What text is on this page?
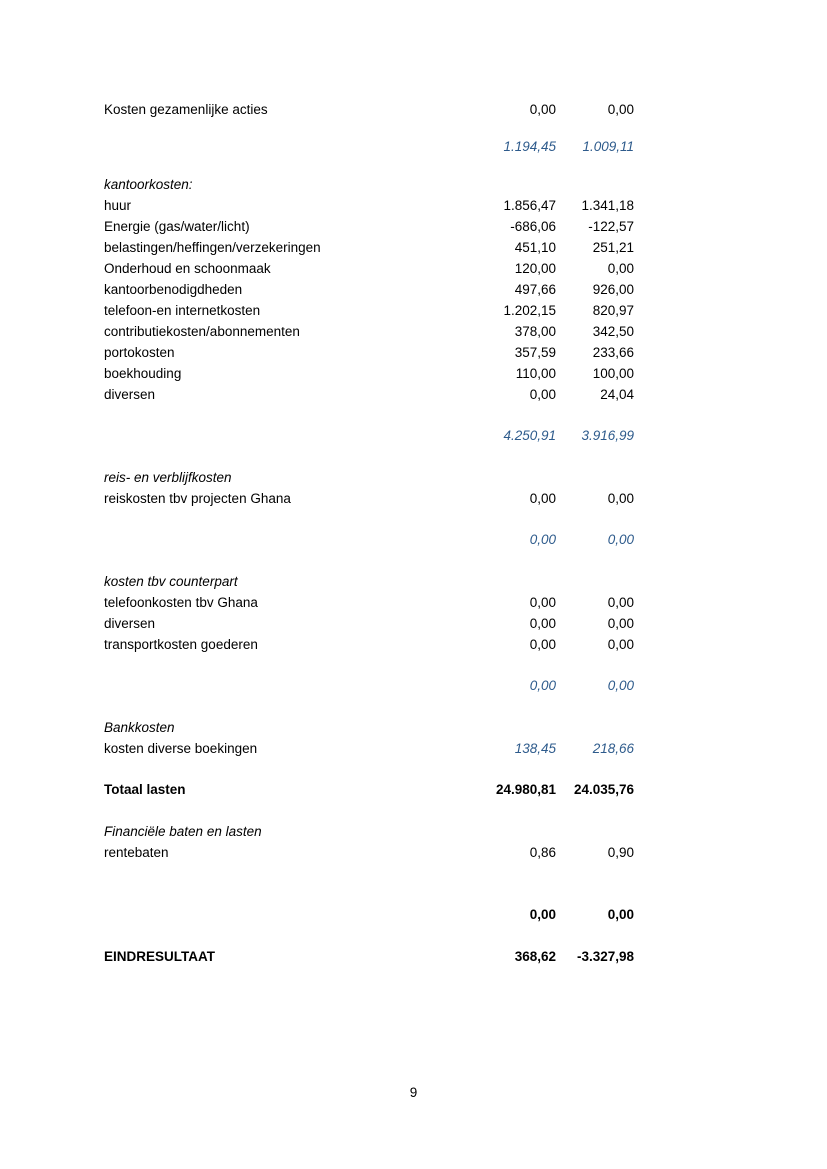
Kosten gezamenlijke acties	0,00	0,00
1.194,45 1.009,11
kantoorkosten:
huur	1.856,47 1.341,18
Energie (gas/water/licht)	-686,06 -122,57
belastingen/heffingen/verzekeringen	451,10	251,21
Onderhoud en schoonmaak	120,00	0,00
kantoorbenodigdheden	497,66	926,00
telefoon-en internetkosten	1.202,15	820,97
contributiekosten/abonnementen	378,00	342,50
portokosten	357,59	233,66
boekhouding	110,00	100,00
diversen	0,00	24,04
4.250,91 3.916,99
reis- en verblijfkosten
reiskosten tbv projecten Ghana	0,00	0,00
0,00	0,00
kosten tbv counterpart
telefoonkosten tbv Ghana	0,00	0,00
diversen	0,00	0,00
transportkosten goederen	0,00	0,00
0,00	0,00
Bankkosten
kosten diverse boekingen	138,45	218,66
Totaal lasten	24.980,81 24.035,76
Financiële baten en lasten
rentebaten	0,86	0,90
0,00	0,00
EINDRESULTAAT	368,62 -3.327,98
9
